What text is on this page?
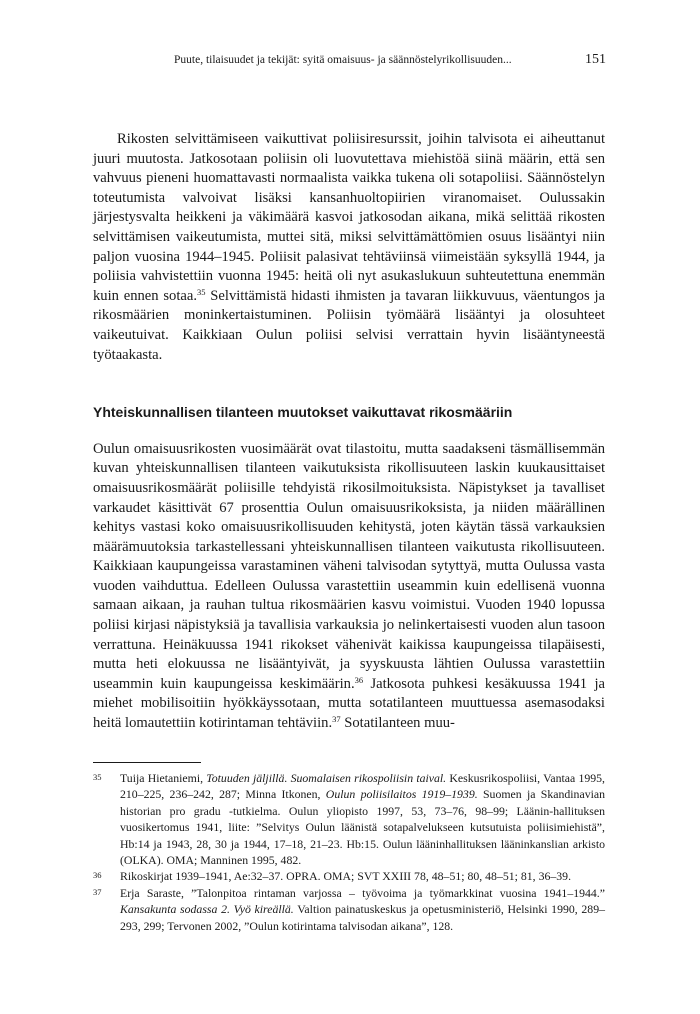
Puute, tilaisuudet ja tekijät: syitä omaisuus- ja säännöstelyrikollisuuden...	151

Rikosten selvittämiseen vaikuttivat poliisiresurssit, joihin talvisota ei aiheuttanut juuri muutosta. Jatkosotaan poliisin oli luovutettava miehistöä siinä määrin, että sen vahvuus pieneni huomattavasti normaalista vaikka tukena oli sotapoliisi. Säännöstelyn toteutumista valvoivat lisäksi kansanhuoltopiirien viranomaiset. Oulussakin järjestysvalta heikkeni ja väkimäärä kasvoi jatkosodan aikana, mikä selittää rikosten selvittämisen vaikeutumista, muttei sitä, miksi selvittämättömien osuus lisääntyi niin paljon vuosina 1944–1945. Poliisit palasivat tehtäviinsä viimeistään syksyllä 1944, ja poliisia vahvistettiin vuonna 1945: heitä oli nyt asukaslukuun suhteutettuna enemmän kuin ennen sotaa.$^{35}$ Selvittämistä hidasti ihmisten ja tavaran liikkuvuus, väentungos ja rikosmäärien moninkertaistuminen. Poliisin työmäärä lisääntyi ja olosuhteet vaikeutuivat. Kaikkiaan Oulun poliisi selvisi verrattain hyvin lisääntyneestä työtaakasta.

Yhteiskunnallisen tilanteen muutokset vaikuttavat rikosmääriin

Oulun omaisuusrikosten vuosimäärät ovat tilastoitu, mutta saadakseni täsmällisemmän kuvan yhteiskunnallisen tilanteen vaikutuksista rikollisuuteen laskin kuukausittaiset omaisuusrikosmäärät poliisille tehdyistä rikosilmoituksista. Näpistykset ja tavalliset varkaudet käsittivät 67 prosenttia Oulun omaisuusrikoksista, ja niiden määrällinen kehitys vastasi koko omaisuusrikollisuuden kehitystä, joten käytän tässä varkauksien määrämuutoksia tarkastellessani yhteiskunnallisen tilanteen vaikutusta rikollisuuteen. Kaikkiaan kaupungeissa varastaminen väheni talvisodan sytyttyä, mutta Oulussa vasta vuoden vaihduttua. Edelleen Oulussa varastettiin useammin kuin edellisenä vuonna samaan aikaan, ja rauhan tultua rikosmäärien kasvu voimistui. Vuoden 1940 lopussa poliisi kirjasi näpistyksiä ja tavallisia varkauksia jo nelinkertaisesti vuoden alun tasoon verrattuna. Heinäkuussa 1941 rikokset vähenivät kaikissa kaupungeissa tilapäisesti, mutta heti elokuussa ne lisääntyivät, ja syyskuusta lähtien Oulussa varastettiin useammin kuin kaupungeissa keskimäärin.$^{36}$ Jatkosota puhkesi kesäkuussa 1941 ja miehet mobilisoitiin hyökkäyssotaan, mutta sotatilanteen muuttuessa asemasodaksi heitä lomautettiin kotirintaman tehtäviin.$^{37}$ Sotatilanteen muu-

35	Tuija Hietaniemi, Totuuden jäljillä. Suomalaisen rikospoliisin taival. Keskusrikospoliisi, Vantaa 1995, 210–225, 236–242, 287; Minna Itkonen, Oulun poliisilaitos 1919–1939. Suomen ja Skandinavian historian pro gradu -tutkielma. Oulun yliopisto 1997, 53, 73–76, 98–99; Läänin-hallituksen vuosikertomus 1941, liite: ”Selvitys Oulun läänistä sotapalvelukseen kutsutuista poliisimiehistä”, Hb:14 ja 1943, 28, 30 ja 1944, 17–18, 21–23. Hb:15. Oulun lääninhallituksen lääninkanslian arkisto (OLKA). OMA; Manninen 1995, 482.
36	Rikoskirjat 1939–1941, Ae:32–37. OPRA. OMA; SVT XXIII 78, 48–51; 80, 48–51; 81, 36–39.
37	Erja Saraste, ”Talonpitoa rintaman varjossa – työvoima ja työmarkkinat vuosina 1941–1944.” Kansakunta sodassa 2. Vyö kireällä. Valtion painatuskeskus ja opetusministeriö, Helsinki 1990, 289–293, 299; Tervonen 2002, ”Oulun kotirintama talvisodan aikana”, 128.
